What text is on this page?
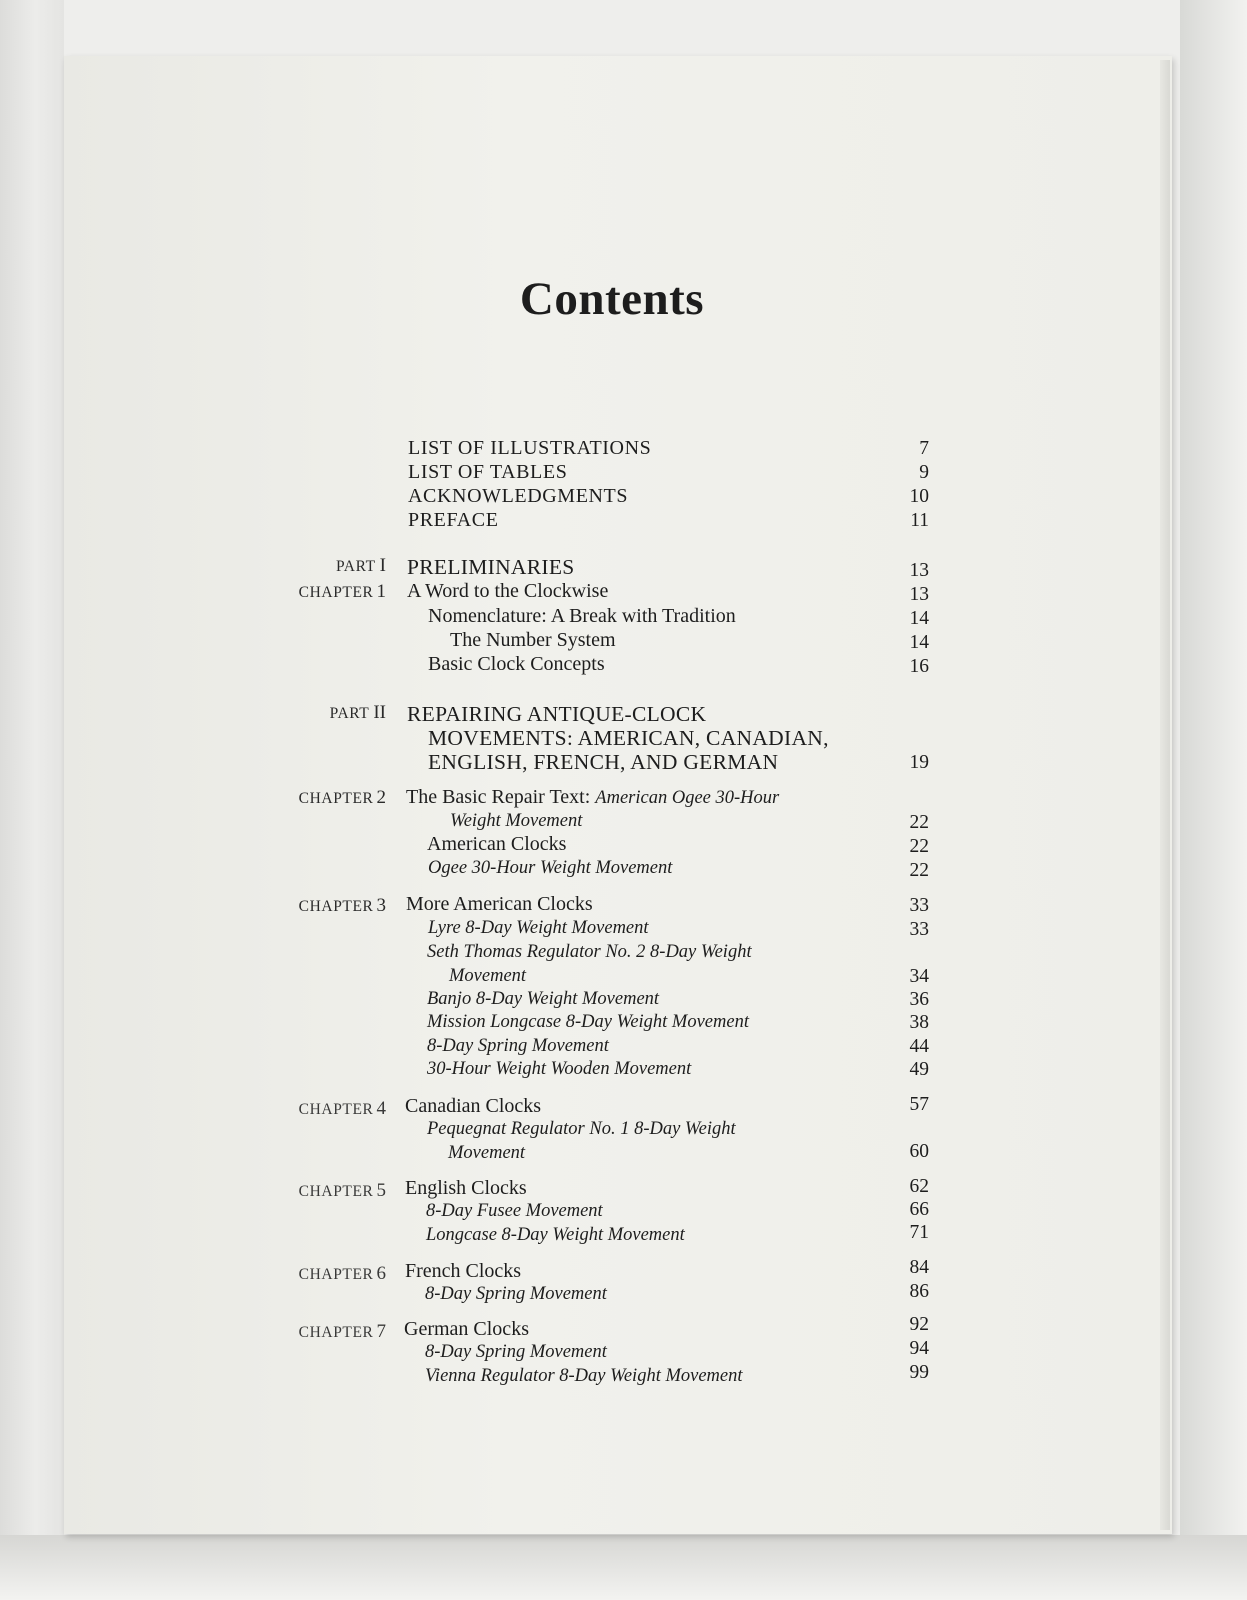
Contents
LIST OF ILLUSTRATIONS	7
LIST OF TABLES	9
ACKNOWLEDGMENTS	10
PREFACE	11
PART I PRELIMINARIES	13
CHAPTER 1 A Word to the Clockwise	13
Nomenclature: A Break with Tradition	14
The Number System	14
Basic Clock Concepts	16
PART II REPAIRING ANTIQUE-CLOCK
MOVEMENTS: AMERICAN, CANADIAN,
ENGLISH, FRENCH, AND GERMAN	19
CHAPTER 2 The Basic Repair Text: American Ogee 30-Hour
Weight Movement	22
American Clocks	22
Ogee 30-Hour Weight Movement	22
CHAPTER 3 More American Clocks	33
Lyre 8-Day Weight Movement	33
Seth Thomas Regulator No. 2 8-Day Weight
Movement	34
Banjo 8-Day Weight Movement	36
Mission Longcase 8-Day Weight Movement	38
8-Day Spring Movement	44
30-Hour Weight Wooden Movement	49
CHAPTER 4 Canadian Clocks	57
Pequegnat Regulator No. 1 8-Day Weight
Movement	60
CHAPTER 5 English Clocks	62
8-Day Fusee Movement	66
Longcase 8-Day Weight Movement	71
CHAPTER 6 French Clocks	84
8-Day Spring Movement	86
CHAPTER 7 German Clocks	92
8-Day Spring Movement	94
Vienna Regulator 8-Day Weight Movement	99
